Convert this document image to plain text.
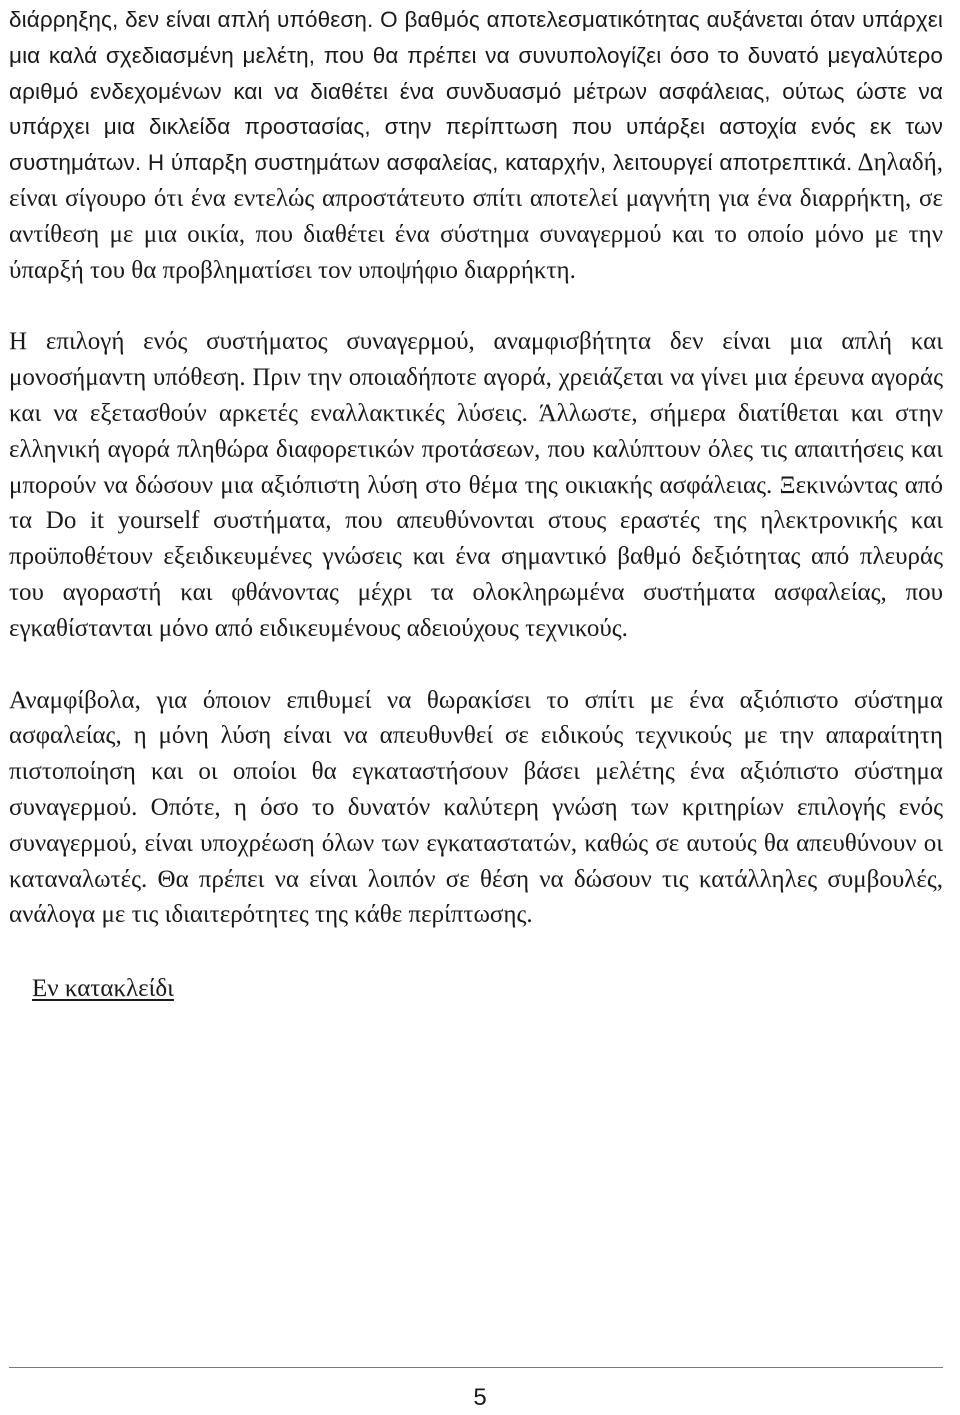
διάρρηξης, δεν είναι απλή υπόθεση. Ο βαθμός αποτελεσματικότητας αυξάνεται όταν υπάρχει μια καλά σχεδιασμένη μελέτη, που θα πρέπει να συνυπολογίζει όσο το δυνατό μεγαλύτερο αριθμό ενδεχομένων και να διαθέτει ένα συνδυασμό μέτρων ασφάλειας, ούτως ώστε να υπάρχει μια δικλείδα προστασίας, στην περίπτωση που υπάρξει αστοχία ενός εκ των συστημάτων. Η ύπαρξη συστημάτων ασφαλείας, καταρχήν, λειτουργεί αποτρεπτικά. Δηλαδή, είναι σίγουρο ότι ένα εντελώς απροστάτευτο σπίτι αποτελεί μαγνήτη για ένα διαρρήκτη, σε αντίθεση με μια οικία, που διαθέτει ένα σύστημα συναγερμού και το οποίο μόνο με την ύπαρξή του θα προβληματίσει τον υποψήφιο διαρρήκτη.

Η επιλογή ενός συστήματος συναγερμού, αναμφισβήτητα δεν είναι μια απλή και μονοσήμαντη υπόθεση. Πριν την οποιαδήποτε αγορά, χρειάζεται να γίνει μια έρευνα αγοράς και να εξετασθούν αρκετές εναλλακτικές λύσεις. Άλλωστε, σήμερα διατίθεται και στην ελληνική αγορά πληθώρα διαφορετικών προτάσεων, που καλύπτουν όλες τις απαιτήσεις και μπορούν να δώσουν μια αξιόπιστη λύση στο θέμα της οικιακής ασφάλειας. Ξεκινώντας από τα Do it yourself συστήματα, που απευθύνονται στους εραστές της ηλεκτρονικής και προϋποθέτουν εξειδικευμένες γνώσεις και ένα σημαντικό βαθμό δεξιότητας από πλευράς του αγοραστή και φθάνοντας μέχρι τα ολοκληρωμένα συστήματα ασφαλείας, που εγκαθίστανται μόνο από ειδικευμένους αδειούχους τεχνικούς.

Αναμφίβολα, για όποιον επιθυμεί να θωρακίσει το σπίτι με ένα αξιόπιστο σύστημα ασφαλείας, η μόνη λύση είναι να απευθυνθεί σε ειδικούς τεχνικούς με την απαραίτητη πιστοποίηση και οι οποίοι θα εγκαταστήσουν βάσει μελέτης ένα αξιόπιστο σύστημα συναγερμού. Οπότε, η όσο το δυνατόν καλύτερη γνώση των κριτηρίων επιλογής ενός συναγερμού, είναι υποχρέωση όλων των εγκαταστατών, καθώς σε αυτούς θα απευθύνουν οι καταναλωτές. Θα πρέπει να είναι λοιπόν σε θέση να δώσουν τις κατάλληλες συμβουλές, ανάλογα με τις ιδιαιτερότητες της κάθε περίπτωσης.

Εν κατακλείδι

5
